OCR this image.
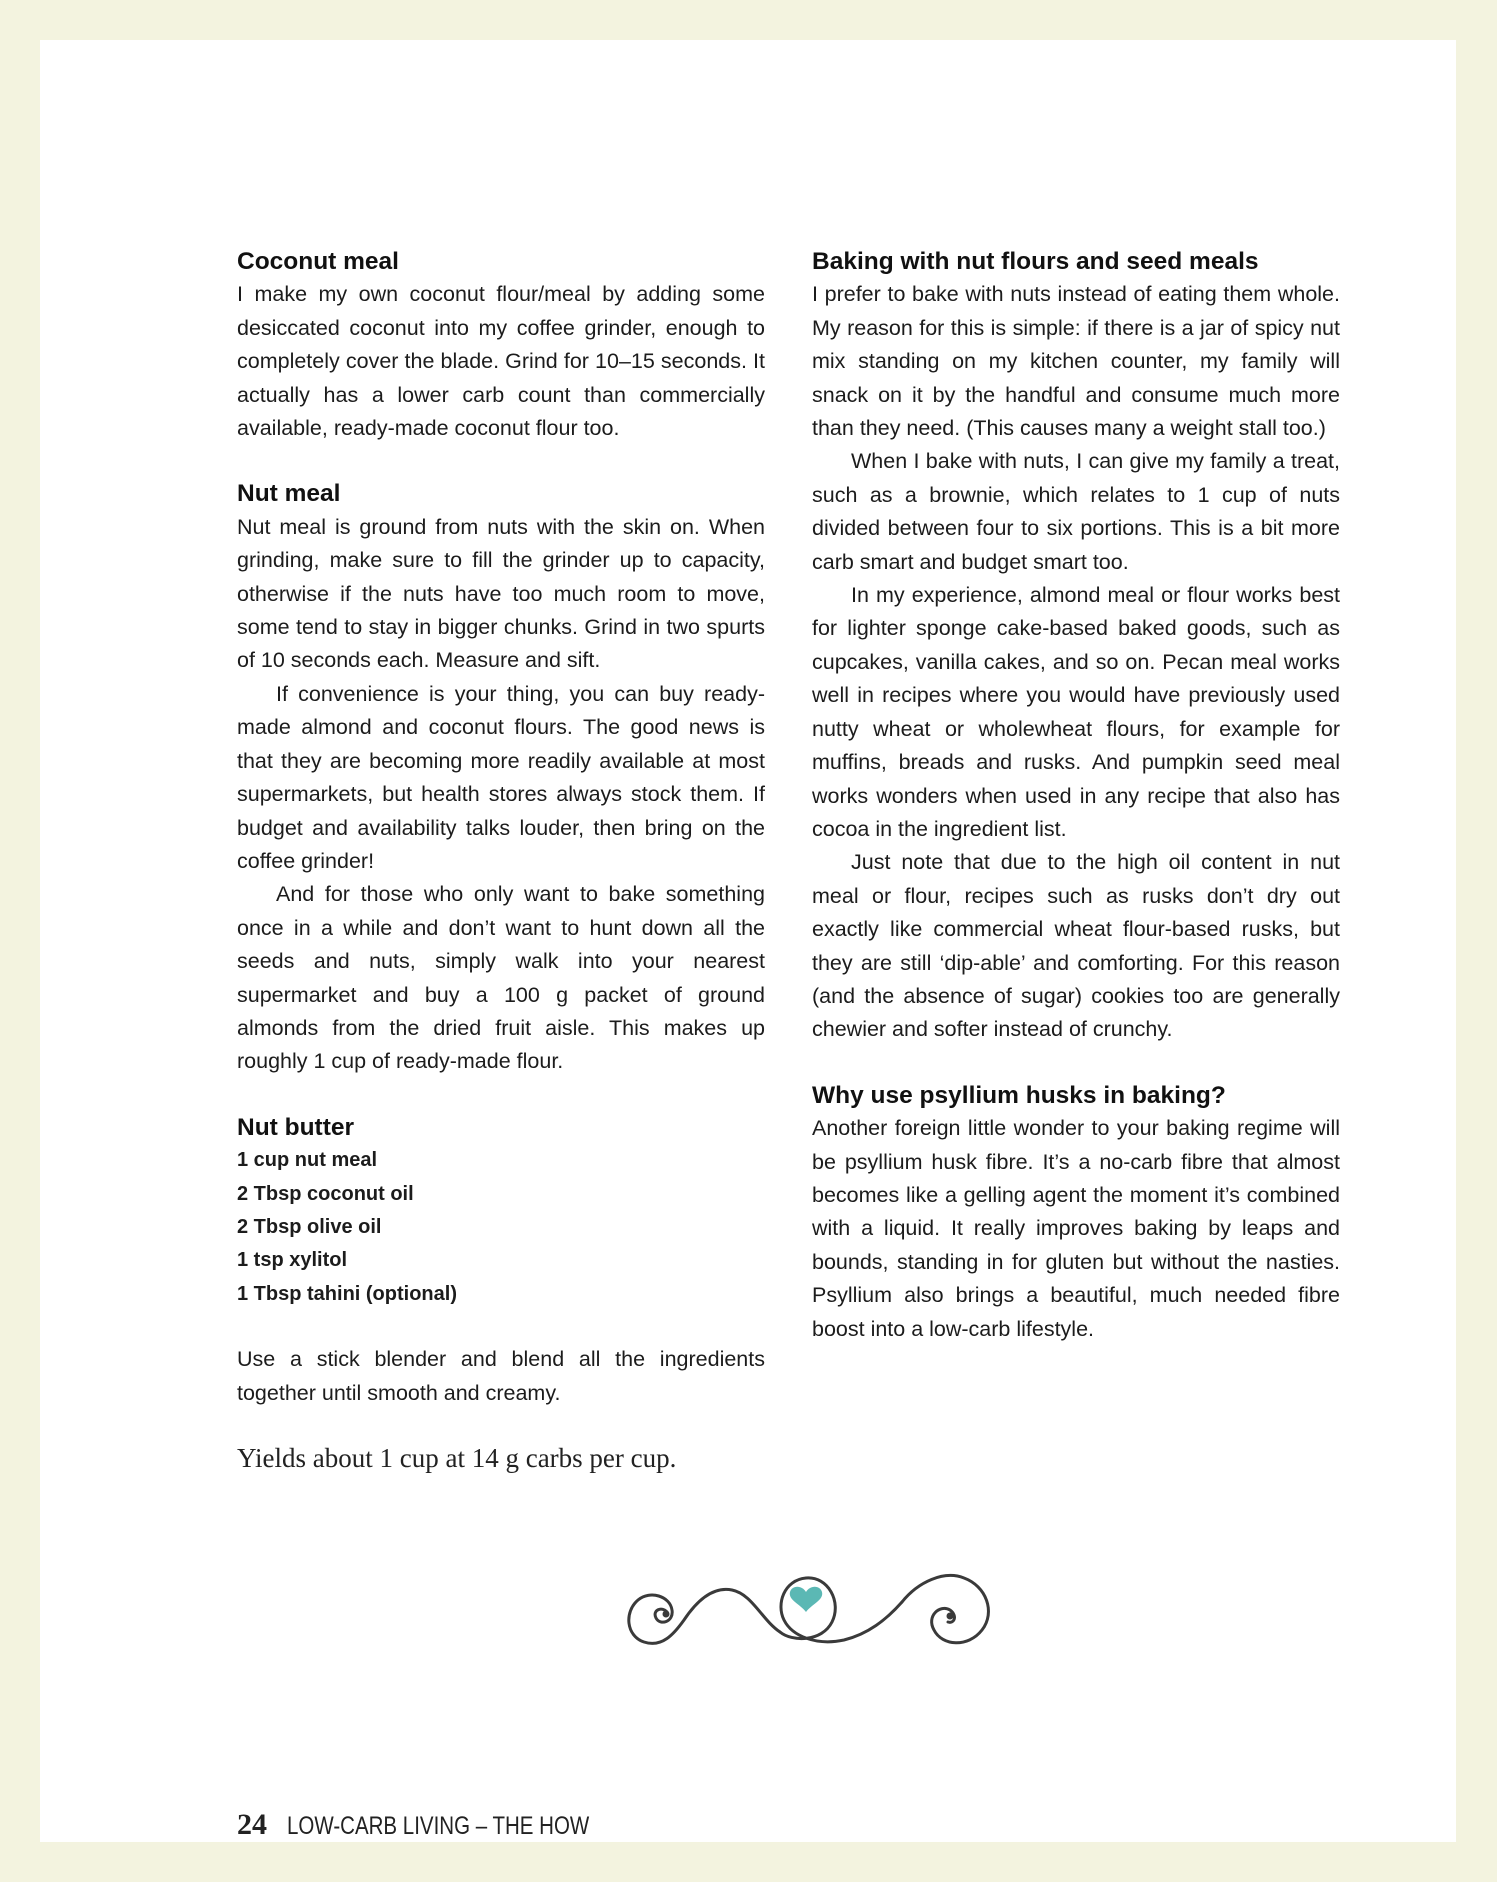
Coconut meal

I make my own coconut flour/meal by adding some desiccated coconut into my coffee grinder, enough to completely cover the blade. Grind for 10–15 seconds. It actually has a lower carb count than commercially available, ready-made coconut flour too.

Nut meal

Nut meal is ground from nuts with the skin on. When grinding, make sure to fill the grinder up to capacity, otherwise if the nuts have too much room to move, some tend to stay in bigger chunks. Grind in two spurts of 10 seconds each. Measure and sift.

If convenience is your thing, you can buy ready-made almond and coconut flours. The good news is that they are becoming more readily available at most supermarkets, but health stores always stock them. If budget and availability talks louder, then bring on the coffee grinder!

And for those who only want to bake something once in a while and don’t want to hunt down all the seeds and nuts, simply walk into your nearest supermarket and buy a 100 g packet of ground almonds from the dried fruit aisle. This makes up roughly 1 cup of ready-made flour.

Nut butter
1 cup nut meal
2 Tbsp coconut oil
2 Tbsp olive oil
1 tsp xylitol
1 Tbsp tahini (optional)

Use a stick blender and blend all the ingredients together until smooth and creamy.

Baking with nut flours and seed meals

I prefer to bake with nuts instead of eating them whole. My reason for this is simple: if there is a jar of spicy nut mix standing on my kitchen counter, my family will snack on it by the handful and consume much more than they need. (This causes many a weight stall too.)

When I bake with nuts, I can give my family a treat, such as a brownie, which relates to 1 cup of nuts divided between four to six portions. This is a bit more carb smart and budget smart too.

In my experience, almond meal or flour works best for lighter sponge cake-based baked goods, such as cupcakes, vanilla cakes, and so on. Pecan meal works well in recipes where you would have previously used nutty wheat or wholewheat flours, for example for muffins, breads and rusks. And pumpkin seed meal works wonders when used in any recipe that also has cocoa in the ingredient list.

Just note that due to the high oil content in nut meal or flour, recipes such as rusks don’t dry out exactly like commercial wheat flour-based rusks, but they are still ‘dip-able’ and comforting. For this reason (and the absence of sugar) cookies too are generally chewier and softer instead of crunchy.

Why use psyllium husks in baking?

Another foreign little wonder to your baking regime will be psyllium husk fibre. It’s a no-carb fibre that almost becomes like a gelling agent the moment it’s combined with a liquid. It really improves baking by leaps and bounds, standing in for gluten but without the nasties. Psyllium also brings a beautiful, much needed fibre boost into a low-carb lifestyle.

Yields about 1 cup at 14 g carbs per cup.
24 LOW-CARB LIVING – THE HOW
